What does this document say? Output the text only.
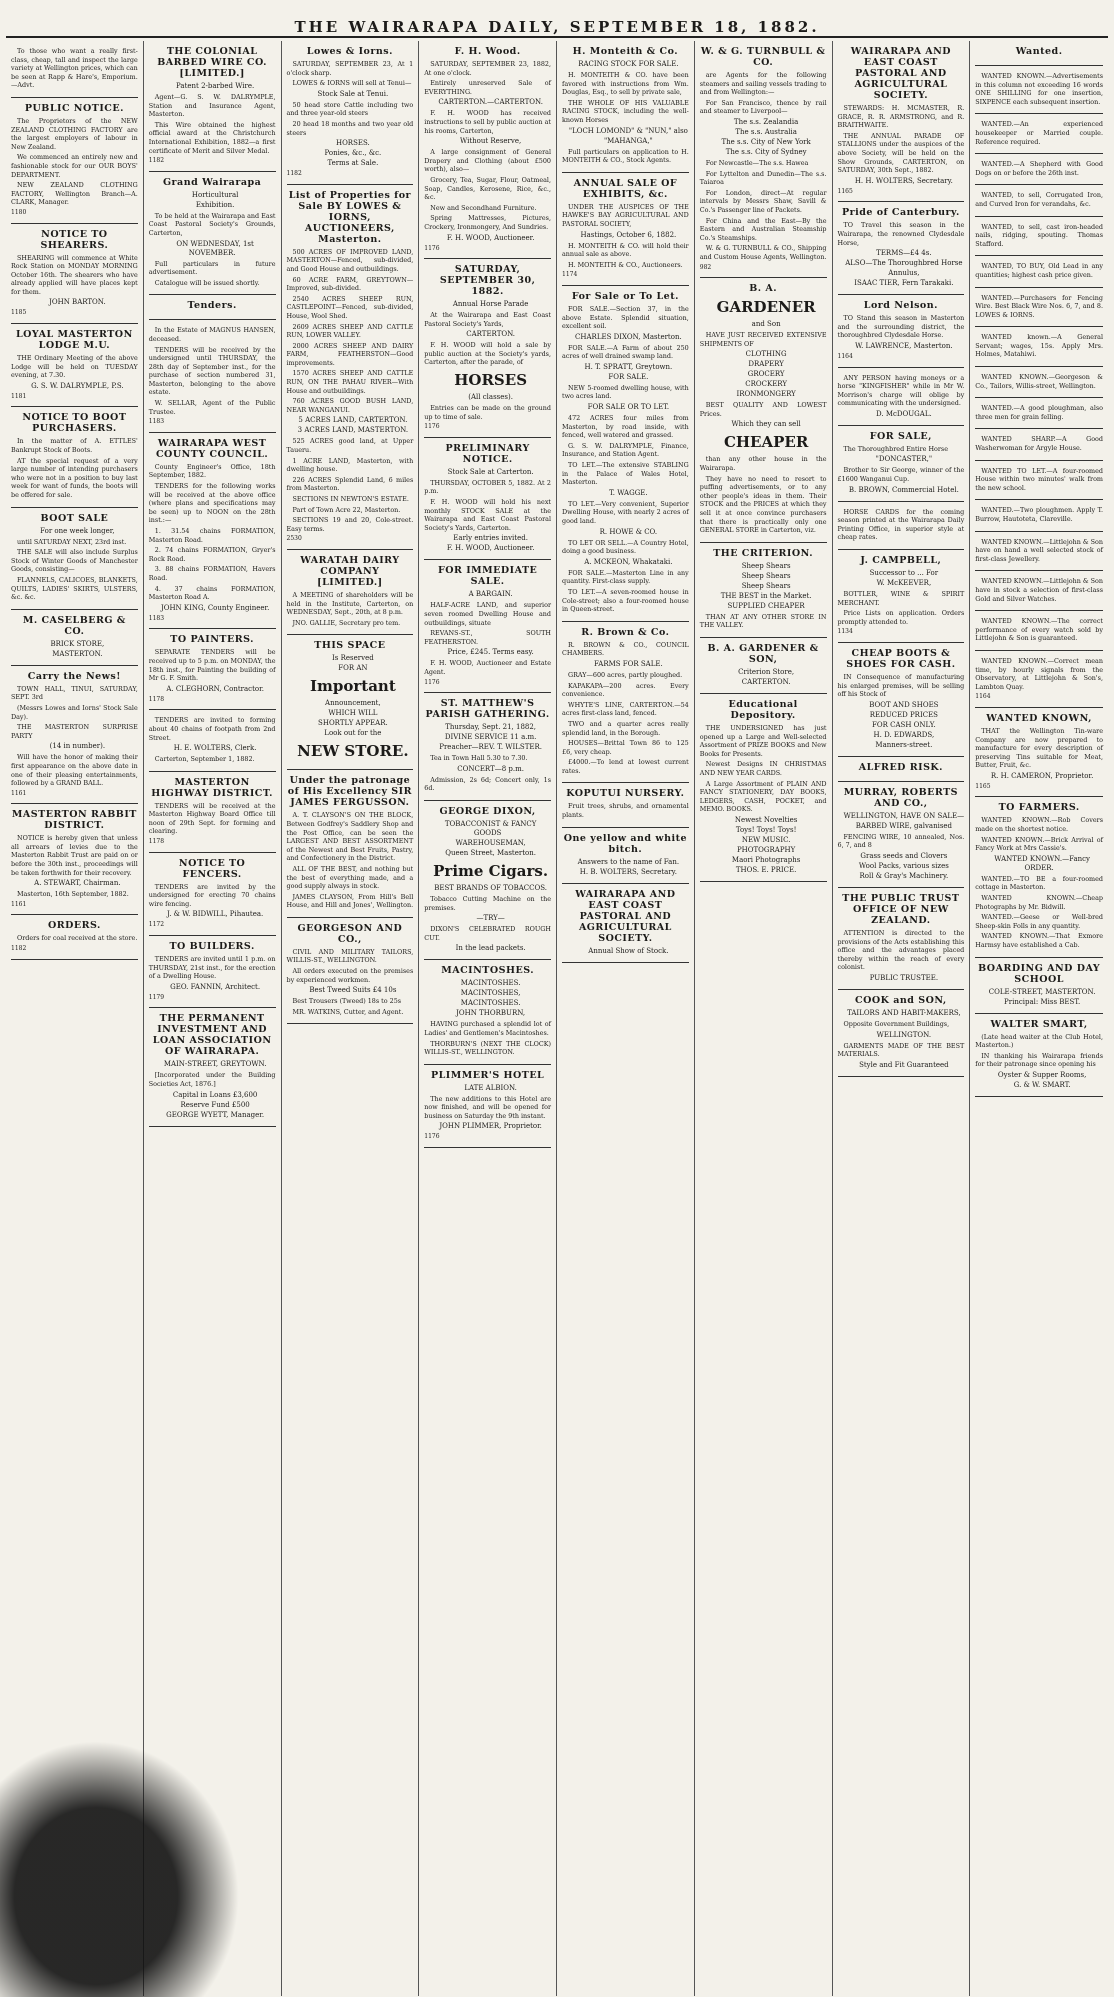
THE WAIRARAPA DAILY, SEPTEMBER 18, 1882.

To those who want a really first-class, cheap, tall and inspect the large variety at Wellington prices, which can be seen at Rapp & Hare's, Emporium.—Advt.

PUBLIC NOTICE.

The Proprietors of the NEW ZEALAND CLOTHING FACTORY are the largest employers of labour in New Zealand.

We commenced an entirely new and fashionable stock for our OUR BOYS' DEPARTMENT.

NEW ZEALAND CLOTHING FACTORY, Wellington Branch—A. CLARK, Manager.

1180
NOTICE TO SHEARERS.

SHEARING will commence at White Rock Station on MONDAY MORNING October 16th. The shearers who have already applied will have places kept for them.

JOHN BARTON.

1185
LOYAL MASTERTON LODGE M.U.

THE Ordinary Meeting of the above Lodge will be held on TUESDAY evening, at 7.30.

G. S. W. DALRYMPLE, P.S.

1181
NOTICE TO BOOT PURCHASERS.

In the matter of A. ETTLES' Bankrupt Stock of Boots.

AT the special request of a very large number of intending purchasers who were not in a position to buy last week for want of funds, the boots will be offered for sale.

BOOT SALE

For one week longer,

until SATURDAY NEXT, 23rd inst.

THE SALE will also include Surplus Stock of Winter Goods of Manchester Goods, consisting—

FLANNELS, CALICOES, BLANKETS, QUILTS, LADIES' SKIRTS, ULSTERS, &c. &c.

M. CASELBERG & CO.

BRICK STORE,

MASTERTON.

Carry the News!

TOWN HALL, TINUI, SATURDAY, SEPT. 3rd

(Messrs Lowes and Iorns' Stock Sale Day).

THE MASTERTON SURPRISE PARTY

(14 in number).

Will have the honor of making their first appearance on the above date in one of their pleasing entertainments, followed by a GRAND BALL.

1161
MASTERTON RABBIT DISTRICT.

NOTICE is hereby given that unless all arrears of levies due to the Masterton Rabbit Trust are paid on or before the 30th inst., proceedings will be taken forthwith for their recovery.

A. STEWART, Chairman.

Masterton, 16th September, 1882.

1161
ORDERS.

Orders for coal received at the store.

1182
THE COLONIAL BARBED WIRE CO. [LIMITED.]

Patent 2-barbed Wire.

Agent—G. S. W. DALRYMPLE, Station and Insurance Agent, Masterton.

This Wire obtained the highest official award at the Christchurch International Exhibition, 1882—a first certificate of Merit and Silver Medal.

1182
Grand Wairarapa

Horticultural

Exhibition.

To be held at the Wairarapa and East Coast Pastoral Society's Grounds, Carterton,

ON WEDNESDAY, 1st NOVEMBER.

Full particulars in future advertisement.

Catalogue will be issued shortly.

Tenders.

In the Estate of MAGNUS HANSEN, deceased.

TENDERS will be received by the undersigned until THURSDAY, the 28th day of September inst., for the purchase of section numbered 31, Masterton, belonging to the above estate.

W. SELLAR, Agent of the Public Trustee.

1183
WAIRARAPA WEST COUNTY COUNCIL.

County Engineer's Office, 18th September, 1882.

TENDERS for the following works will be received at the above office (where plans and specifications may be seen) up to NOON on the 28th inst.:—

1. 31.54 chains FORMATION, Masterton Road.

2. 74 chains FORMATION, Gryer's Rock Road.

3. 88 chains FORMATION, Havers Road.

4. 37 chains FORMATION, Masterton Road A.

JOHN KING, County Engineer.

1183
TO PAINTERS.

SEPARATE TENDERS will be received up to 5 p.m. on MONDAY, the 18th inst., for Painting the building of Mr G. F. Smith.

A. CLEGHORN, Contractor.

1178

TENDERS are invited to forming about 40 chains of footpath from 2nd Street.

H. E. WOLTERS, Clerk.

Carterton, September 1, 1882.

MASTERTON HIGHWAY DISTRICT.

TENDERS will be received at the Masterton Highway Board Office till noon of 29th Sept. for forming and clearing.

1178
NOTICE TO FENCERS.

TENDERS are invited by the undersigned for erecting 70 chains wire fencing.

J. & W. BIDWILL, Pihautea.

1172
TO BUILDERS.

TENDERS are invited until 1 p.m. on THURSDAY, 21st inst., for the erection of a Dwelling House.

GEO. FANNIN, Architect.

1179
THE PERMANENT INVESTMENT AND LOAN ASSOCIATION OF WAIRARAPA.

MAIN-STREET, GREYTOWN.

[Incorporated under the Building Societies Act, 1876.]

Capital in Loans £3,600

Reserve Fund £500

GEORGE WYETT, Manager.

Lowes & Iorns.

SATURDAY, SEPTEMBER 23, At 1 o'clock sharp.

LOWES & IORNS will sell at Tenui—

Stock Sale at Tenui.

50 head store Cattle including two and three year-old steers

20 head 18 months and two year old steers

HORSES.

Ponies, &c., &c.

Terms at Sale.

1182
List of Properties for Sale BY LOWES & IORNS, AUCTIONEERS, Masterton.

500 ACRES OF IMPROVED LAND, MASTERTON—Fenced, sub-divided, and Good House and outbuildings.

60 ACRE FARM, GREYTOWN—Improved, sub-divided.

2540 ACRES SHEEP RUN, CASTLEPOINT—Fenced, sub-divided, House, Wool Shed.

2609 ACRES SHEEP AND CATTLE RUN, LOWER VALLEY.

2000 ACRES SHEEP AND DAIRY FARM, FEATHERSTON—Good improvements.

1570 ACRES SHEEP AND CATTLE RUN, ON THE PAHAU RIVER—With House and outbuildings.

760 ACRES GOOD BUSH LAND, NEAR WANGANUI.

5 ACRES LAND, CARTERTON.

3 ACRES LAND, MASTERTON.

525 ACRES good land, at Upper Taueru.

1 ACRE LAND, Masterton, with dwelling house.

226 ACRES Splendid Land, 6 miles from Masterton.

SECTIONS IN NEWTON'S ESTATE.

Part of Town Acre 22, Masterton.

SECTIONS 19 and 20, Cole-street. Easy terms.

2530
WARATAH DAIRY COMPANY [LIMITED.]

A MEETING of shareholders will be held in the Institute, Carterton, on WEDNESDAY, Sept., 20th, at 8 p.m.

JNO. GALLIE, Secretary pro tem.

THIS SPACE

Is Reserved

FOR AN

Important

Announcement,

WHICH WILL

SHORTLY APPEAR.

Look out for the

NEW STORE.

Under the patronage of His Excellency SIR JAMES FERGUSSON.

A. T. CLAYSON'S ON THE BLOCK, Between Godfrey's Saddlery Shop and the Post Office, can be seen the LARGEST AND BEST ASSORTMENT of the Newest and Best Fruits, Pastry, and Confectionery in the District.

ALL OF THE BEST, and nothing but the best of everything made, and a good supply always in stock.

JAMES CLAYSON, From Hill's Bell House, and Hill and Jones', Wellington.

GEORGESON AND CO.,

CIVIL AND MILITARY TAILORS, WILLIS-ST., WELLINGTON.

All orders executed on the premises by experienced workmen.

Best Tweed Suits £4 10s

Best Trousers (Tweed) 18s to 25s

MR. WATKINS, Cutter, and Agent.

F. H. Wood.

SATURDAY, SEPTEMBER 23, 1882, At one o'clock.

Entirely unreserved Sale of EVERYTHING.

CARTERTON.—CARTERTON.

F. H. WOOD has received instructions to sell by public auction at his rooms, Carterton,

Without Reserve,

A large consignment of General Drapery and Clothing (about £500 worth), also—

Grocery, Tea, Sugar, Flour, Oatmeal, Soap, Candles, Kerosene, Rice, &c., &c.

New and Secondhand Furniture.

Spring Mattresses, Pictures, Crockery, Ironmongery, And Sundries.

F. H. WOOD, Auctioneer.

1176
SATURDAY, SEPTEMBER 30, 1882.

Annual Horse Parade

At the Wairarapa and East Coast Pastoral Society's Yards,

CARTERTON.

F. H. WOOD will hold a sale by public auction at the Society's yards, Carterton, after the parade, of

HORSES

(All classes).

Entries can be made on the ground up to time of sale.

1176
PRELIMINARY NOTICE.

Stock Sale at Carterton.

THURSDAY, OCTOBER 5, 1882. At 2 p.m.

F. H. WOOD will hold his next monthly STOCK SALE at the Wairarapa and East Coast Pastoral Society's Yards, Carterton.

Early entries invited.

F. H. WOOD, Auctioneer.

FOR IMMEDIATE SALE.

A BARGAIN.

HALF-ACRE LAND, and superior seven roomed Dwelling House and outbuildings, situate

REVANS-ST., SOUTH FEATHERSTON.

Price, £245. Terms easy.

F. H. WOOD, Auctioneer and Estate Agent.

1176
ST. MATTHEW'S PARISH GATHERING.

Thursday, Sept. 21, 1882,

DIVINE SERVICE 11 a.m.

Preacher—REV. T. WILSTER.

Tea in Town Hall 5.30 to 7.30.

CONCERT—8 p.m.

Admission, 2s 6d; Concert only, 1s 6d.

GEORGE DIXON,

TOBACCONIST & FANCY GOODS

WAREHOUSEMAN,

Queen Street, Masterton.

Prime Cigars.

BEST BRANDS OF TOBACCOS.

Tobacco Cutting Machine on the premises.

—TRY—

DIXON'S CELEBRATED ROUGH CUT.

In the lead packets.

MACINTOSHES.

MACINTOSHES.

MACINTOSHES,

MACINTOSHES.

JOHN THORBURN,

HAVING purchased a splendid lot of Ladies' and Gentlemen's Macintoshes.

THORBURN'S (NEXT THE CLOCK) WILLIS-ST., WELLINGTON.

PLIMMER'S HOTEL

LATE ALBION.

The new additions to this Hotel are now finished, and will be opened for business on Saturday the 9th instant.

JOHN PLIMMER, Proprietor.

1176
H. Monteith & Co.

RACING STOCK FOR SALE.

H. MONTEITH & CO. have been favored with instructions from Wm. Douglas, Esq., to sell by private sale,

THE WHOLE OF HIS VALUABLE RACING STOCK, including the well-known Horses

"LOCH LOMOND" & "NUN," also

"MAHANGA,"

Full particulars on application to H. MONTEITH & CO., Stock Agents.

ANNUAL SALE OF EXHIBITS, &c.

UNDER THE AUSPICES OF THE HAWKE'S BAY AGRICULTURAL AND PASTORAL SOCIETY,

Hastings, October 6, 1882.

H. MONTEITH & CO. will hold their annual sale as above.

H. MONTEITH & CO., Auctioneers.

1174
For Sale or To Let.

FOR SALE.—Section 37, in the above Estate. Splendid situation, excellent soil.

CHARLES DIXON, Masterton.

FOR SALE.—A Farm of about 250 acres of well drained swamp land.

H. T. SPRATT, Greytown.

FOR SALE.

NEW 5-roomed dwelling house, with two acres land.

FOR SALE OR TO LET.

472 ACRES four miles from Masterton, by road inside, with fenced, well watered and grassed.

G. S. W. DALRYMPLE, Finance, Insurance, and Station Agent.

TO LET.—The extensive STABLING in the Palace of Wales Hotel, Masterton.

T. WAGGE.

TO LET.—Very convenient, Superior Dwelling House, with nearly 2 acres of good land.

R. HOWE & CO.

TO LET OR SELL.—A Country Hotel, doing a good business.

A. MCKEON, Whakataki.

FOR SALE.—Masterton Line in any quantity. First-class supply.

TO LET.—A seven-roomed house in Cole-street; also a four-roomed house in Queen-street.

R. Brown & Co.

R. BROWN & CO., COUNCIL CHAMBERS.

FARMS FOR SALE.

GRAY—600 acres, partly ploughed.

KAPAKAPA—200 acres. Every convenience.

WHYTE'S LINE, CARTERTON.—54 acres first-class land, fenced.

TWO and a quarter acres really splendid land, in the Borough.

HOUSES—Brittal Town 86 to 125 £6, very cheap.

£4000.—To lend at lowest current rates.

KOPUTUI NURSERY.

Fruit trees, shrubs, and ornamental plants.

One yellow and white bitch.

Answers to the name of Fan.

H. B. WOLTERS, Secretary.

WAIRARAPA AND EAST COAST PASTORAL AND AGRICULTURAL SOCIETY.

Annual Show of Stock.

W. & G. TURNBULL & CO.

are Agents for the following steamers and sailing vessels trading to and from Wellington:—

For San Francisco, thence by rail and steamer to Liverpool—

The s.s. Zealandia

The s.s. Australia

The s.s. City of New York

The s.s. City of Sydney

For Newcastle—The s.s. Hawea

For Lyttelton and Dunedin—The s.s. Taiaroa

For London, direct—At regular intervals by Messrs Shaw, Savill & Co.'s Passenger line of Packets.

For China and the East—By the Eastern and Australian Steamship Co.'s Steamships.

W. & G. TURNBULL & CO., Shipping and Custom House Agents, Wellington.

982
B. A.

GARDENER

and Son

HAVE JUST RECEIVED EXTENSIVE SHIPMENTS OF

CLOTHING

DRAPERY

GROCERY

CROCKERY

IRONMONGERY

BEST QUALITY AND LOWEST Prices.

Which they can sell

CHEAPER

than any other house in the Wairarapa.

They have no need to resort to puffing advertisements, or to any other people's ideas in them. Their STOCK and the PRICES at which they sell it at once convince purchasers that there is practically only one GENERAL STORE in Carterton, viz.

THE CRITERION.

Sheep Shears

Sheep Shears

Sheep Shears

THE BEST in the Market.

SUPPLIED CHEAPER

THAN AT ANY OTHER STORE IN THE VALLEY.

B. A. GARDENER & SON,

Criterion Store,

CARTERTON.

Educational Depository.

THE UNDERSIGNED has just opened up a Large and Well-selected Assortment of PRIZE BOOKS and New Books for Presents.

Newest Designs IN CHRISTMAS AND NEW YEAR CARDS.

A Large Assortment of PLAIN AND FANCY STATIONERY, DAY BOOKS, LEDGERS, CASH, POCKET, and MEMO. BOOKS.

Newest Novelties

Toys! Toys! Toys!

NEW MUSIC.

PHOTOGRAPHY

Maori Photographs

THOS. E. PRICE.

WAIRARAPA AND EAST COAST PASTORAL AND AGRICULTURAL SOCIETY.

STEWARDS: H. MCMASTER, R. GRACE, R. R. ARMSTRONG, and R. BRAITHWAITE.

THE ANNUAL PARADE OF STALLIONS under the auspices of the above Society, will be held on the Show Grounds, CARTERTON, on SATURDAY, 30th Sept., 1882.

H. H. WOLTERS, Secretary.

1165
Pride of Canterbury.

TO Travel this season in the Wairarapa, the renowned Clydesdale Horse,

TERMS—£4 4s.

ALSO—The Thoroughbred Horse

Annulus,

ISAAC TIER, Fern Tarakaki.

Lord Nelson.

TO Stand this season in Masterton and the surrounding district, the thoroughbred Clydesdale Horse.

W. LAWRENCE, Masterton.

1164

ANY PERSON having moneys or a horse "KINGFISHER" while in Mr W. Morrison's charge will oblige by communicating with the undersigned.

D. McDOUGAL.

FOR SALE,

The Thoroughbred Entire Horse

"DONCASTER,"

Brother to Sir George, winner of the £1600 Wanganui Cup.

B. BROWN, Commercial Hotel.

HORSE CARDS for the coming season printed at the Wairarapa Daily Printing Office, in superior style at cheap rates.

J. CAMPBELL,

Successor to ... For

W. McKEEVER,

BOTTLER, WINE & SPIRIT MERCHANT.

Price Lists on application. Orders promptly attended to.

1134
CHEAP BOOTS & SHOES FOR CASH.

IN Consequence of manufacturing his enlarged premises, will be selling off his Stock of

BOOT AND SHOES

REDUCED PRICES

FOR CASH ONLY.

H. D. EDWARDS,

Manners-street.

ALFRED RISK.
MURRAY, ROBERTS AND CO.,

WELLINGTON, HAVE ON SALE—

BARBED WIRE, galvanised

FENCING WIRE, 10 annealed, Nos. 6, 7, and 8

Grass seeds and Clovers

Wool Packs, various sizes

Roll & Gray's Machinery.

THE PUBLIC TRUST OFFICE OF NEW ZEALAND.

ATTENTION is directed to the provisions of the Acts establishing this office and the advantages placed thereby within the reach of every colonist.

PUBLIC TRUSTEE.

COOK and SON,

TAILORS AND HABIT-MAKERS,

Opposite Government Buildings,

WELLINGTON.

GARMENTS MADE OF THE BEST MATERIALS.

Style and Fit Guaranteed

Wanted.

WANTED KNOWN.—Advertisements in this column not exceeding 16 words ONE SHILLING for one insertion, SIXPENCE each subsequent insertion.

WANTED.—An experienced housekeeper or Married couple. Reference required.

WANTED.—A Shepherd with Good Dogs on or before the 26th inst.

WANTED, to sell, Corrugated Iron, and Curved Iron for verandahs, &c.

WANTED, to sell, cast iron-headed nails, ridging, spouting. Thomas Stafford.

WANTED, TO BUY, Old Lead in any quantities; highest cash price given.

WANTED.—Purchasers for Fencing Wire. Best Black Wire Nos. 6, 7, and 8. LOWES & IORNS.

WANTED known.—A General Servant; wages, 15s. Apply Mrs. Holmes, Matahiwi.

WANTED KNOWN.—Georgeson & Co., Tailors, Willis-street, Wellington.

WANTED.—A good ploughman, also three men for grain felling.

WANTED SHARP.—A Good Washerwoman for Argyle House.

WANTED TO LET.—A four-roomed House within two minutes' walk from the new school.

WANTED.—Two ploughmen. Apply T. Burrow, Hautoteta, Clareville.

WANTED KNOWN.—Littlejohn & Son have on hand a well selected stock of first-class Jewellery.

WANTED KNOWN.—Littlejohn & Son have in stock a selection of first-class Gold and Silver Watches.

WANTED KNOWN.—The correct performance of every watch sold by Littlejohn & Son is guaranteed.

WANTED KNOWN.—Correct mean time, by hourly signals from the Observatory, at Littlejohn & Son's, Lambton Quay.

1164
WANTED KNOWN,

THAT the Wellington Tin-ware Company are now prepared to manufacture for every description of preserving Tins suitable for Meat, Butter, Fruit, &c.

R. H. CAMERON, Proprietor.

1165
TO FARMERS.

WANTED KNOWN.—Rob Covers made on the shortest notice.

WANTED KNOWN.—Brick Arrival of Fancy Work at Mrs Cassie's.

WANTED KNOWN.—Fancy ORDER.

WANTED.—TO BE a four-roomed cottage in Masterton.

WANTED KNOWN.—Cheap Photographs by Mr. Bidwill.

WANTED.—Geese or Well-bred Sheep-skin Folls in any quantity.

WANTED KNOWN.—That Exmore Harmsy have established a Cab.

BOARDING AND DAY SCHOOL

COLE-STREET, MASTERTON.

Principal: Miss BEST.

WALTER SMART,

(Late head waiter at the Club Hotel, Masterton.)

IN thanking his Wairarapa friends for their patronage since opening his

Oyster & Supper Rooms,

G. & W. SMART.
